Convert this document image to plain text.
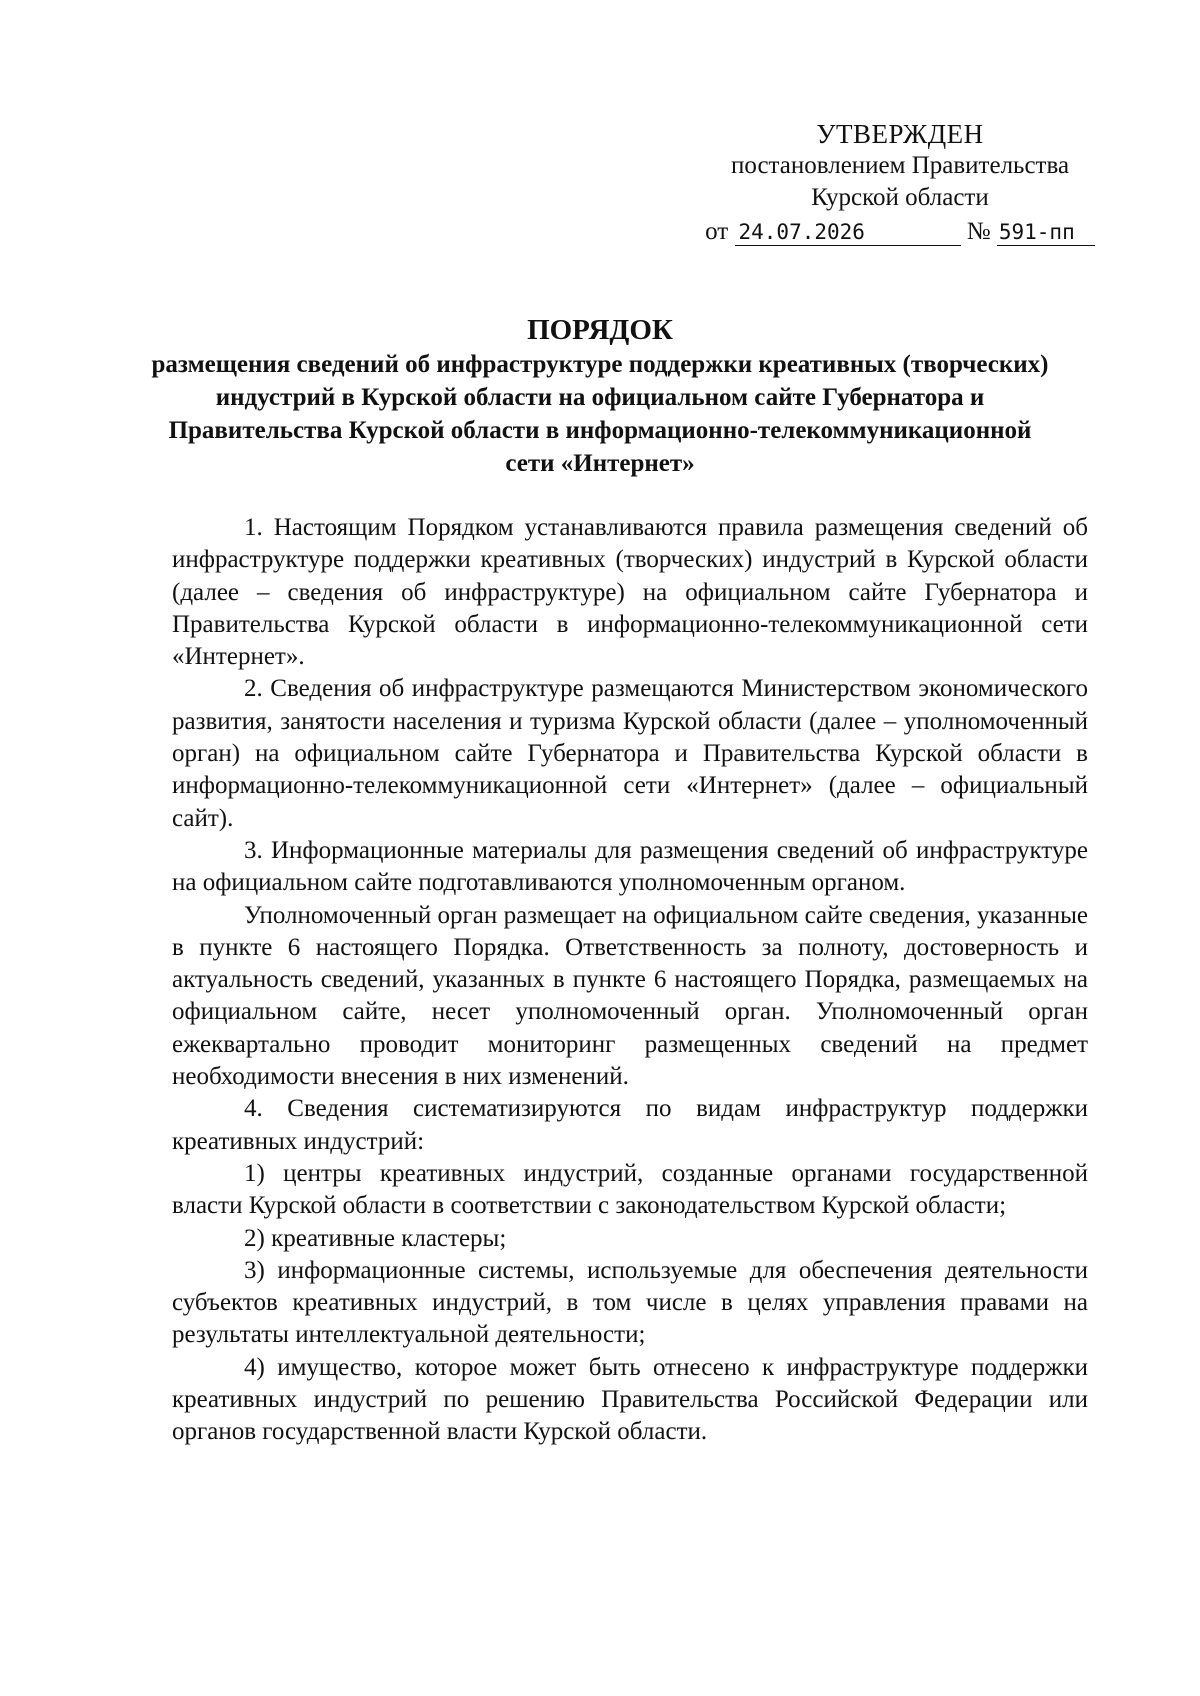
УТВЕРЖДЕН
постановлением Правительства
Курской области
от 24.07.2026	№ 591-пп
ПОРЯДОК
размещения сведений об инфраструктуре поддержки креативных (творческих) индустрий в Курской области на официальном сайте Губернатора и Правительства Курской области в информационно-телекоммуникационной сети «Интернет»

1. Настоящим Порядком устанавливаются правила размещения сведений об инфраструктуре поддержки креативных (творческих) индустрий в Курской области (далее – сведения об инфраструктуре) на официальном сайте Губернатора и Правительства Курской области в информационно-телекоммуникационной сети «Интернет».

2. Сведения об инфраструктуре размещаются Министерством экономического развития, занятости населения и туризма Курской области (далее – уполномоченный орган) на официальном сайте Губернатора и Правительства Курской области в информационно-телекоммуникационной сети «Интернет» (далее – официальный сайт).

3. Информационные материалы для размещения сведений об инфраструктуре на официальном сайте подготавливаются уполномоченным органом.

Уполномоченный орган размещает на официальном сайте сведения, указанные в пункте 6 настоящего Порядка. Ответственность за полноту, достоверность и актуальность сведений, указанных в пункте 6 настоящего Порядка, размещаемых на официальном сайте, несет уполномоченный орган. Уполномоченный орган ежеквартально проводит мониторинг размещенных сведений на предмет необходимости внесения в них изменений.

4. Сведения систематизируются по видам инфраструктур поддержки креативных индустрий:

1) центры креативных индустрий, созданные органами государственной власти Курской области в соответствии с законодательством Курской области;

2) креативные кластеры;

3) информационные системы, используемые для обеспечения деятельности субъектов креативных индустрий, в том числе в целях управления правами на результаты интеллектуальной деятельности;

4) имущество, которое может быть отнесено к инфраструктуре поддержки креативных индустрий по решению Правительства Российской Федерации или органов государственной власти Курской области.
